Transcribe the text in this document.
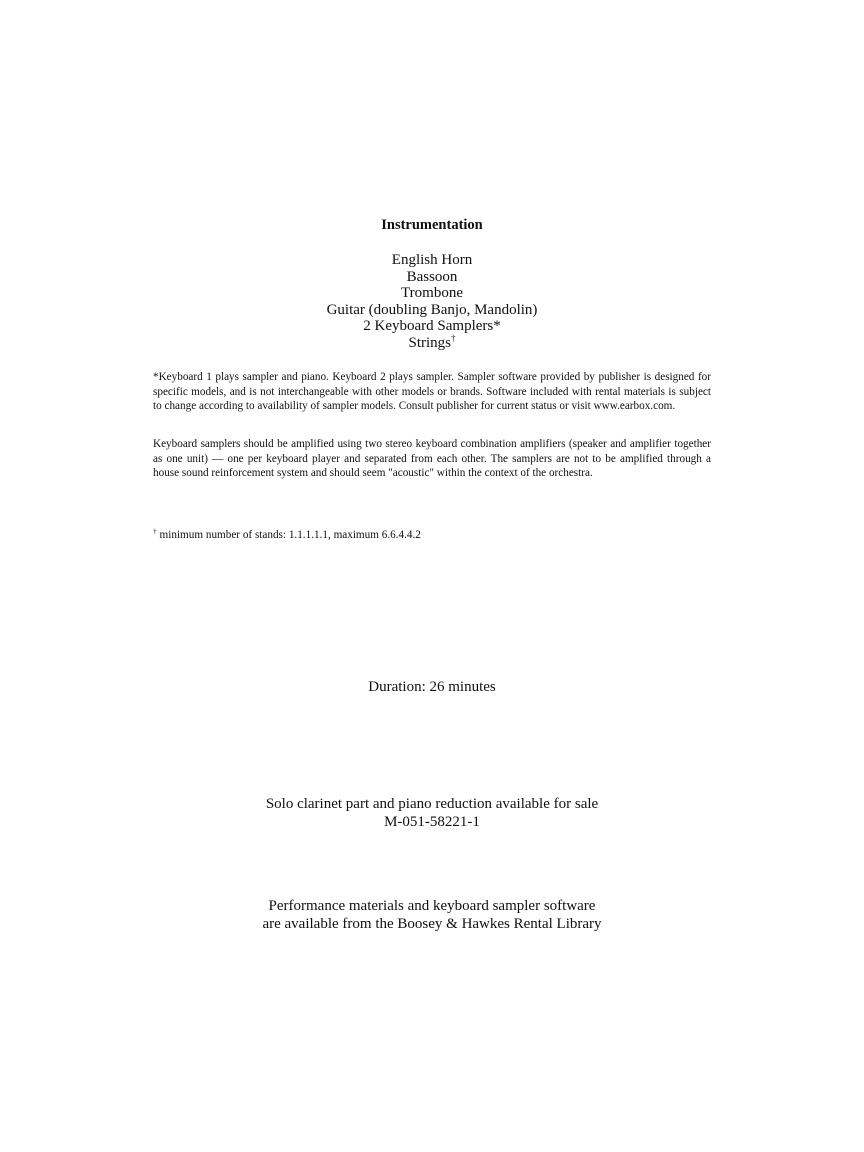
Instrumentation
English Horn
Bassoon
Trombone
Guitar (doubling Banjo, Mandolin)
2 Keyboard Samplers*
Strings†

*Keyboard 1 plays sampler and piano. Keyboard 2 plays sampler. Sampler software provided by publisher is designed for specific models, and is not interchangeable with other models or brands. Software included with rental materials is subject to change according to availability of sampler models. Consult publisher for current status or visit www.earbox.com.

Keyboard samplers should be amplified using two stereo keyboard combination amplifiers (speaker and amplifier together as one unit) — one per keyboard player and separated from each other. The samplers are not to be amplified through a house sound reinforcement system and should seem "acoustic" within the context of the orchestra.

† minimum number of stands: 1.1.1.1.1, maximum 6.6.4.4.2

Duration: 26 minutes
Solo clarinet part and piano reduction available for sale
M-051-58221-1
Performance materials and keyboard sampler software
are available from the Boosey & Hawkes Rental Library
